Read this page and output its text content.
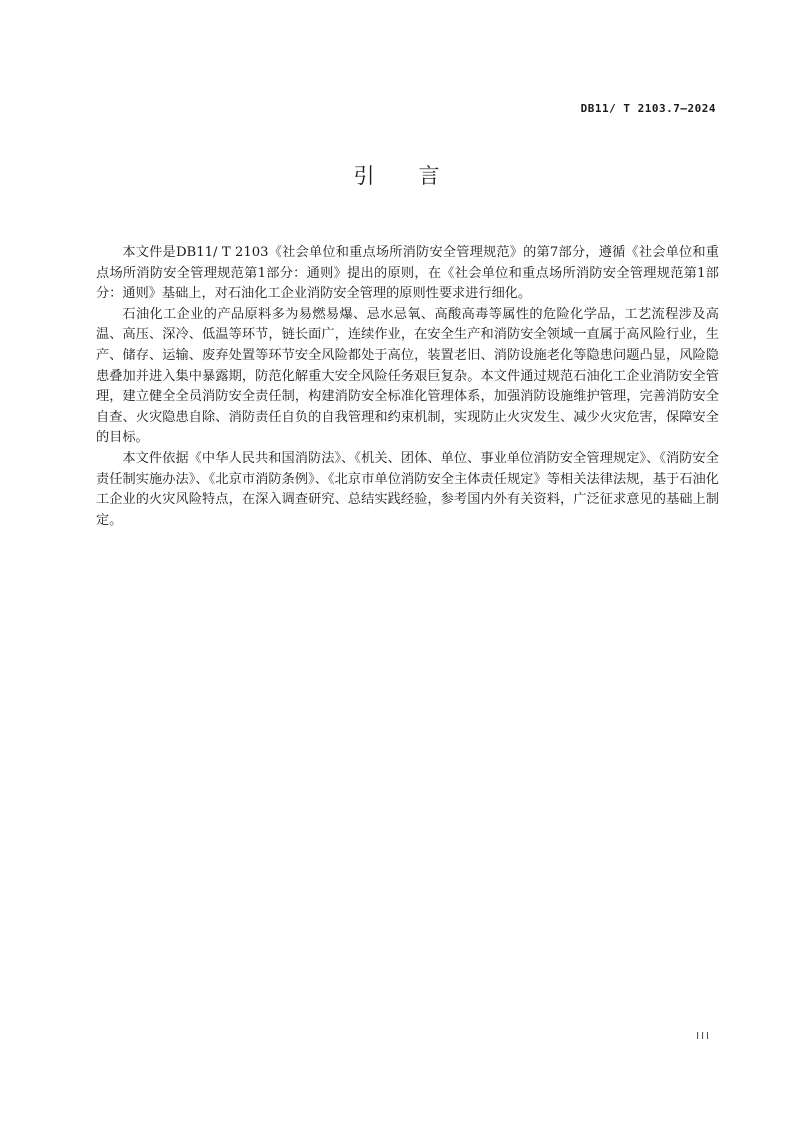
DB11/ T 2103.7—2024
引言

本文件是DB11/ T 2103《社会单位和重点场所消防安全管理规范》的第7部分，遵循《社会单位和重点场所消防安全管理规范第1部分：通则》提出的原则，在《社会单位和重点场所消防安全管理规范第1部分：通则》基础上，对石油化工企业消防安全管理的原则性要求进行细化。

石油化工企业的产品原料多为易燃易爆、忌水忌氧、高酸高毒等属性的危险化学品，工艺流程涉及高温、高压、深冷、低温等环节，链长面广，连续作业，在安全生产和消防安全领域一直属于高风险行业，生产、储存、运输、废弃处置等环节安全风险都处于高位，装置老旧、消防设施老化等隐患问题凸显，风险隐患叠加并进入集中暴露期，防范化解重大安全风险任务艰巨复杂。本文件通过规范石油化工企业消防安全管理，建立健全全员消防安全责任制，构建消防安全标准化管理体系，加强消防设施维护管理，完善消防安全自查、火灾隐患自除、消防责任自负的自我管理和约束机制，实现防止火灾发生、减少火灾危害，保障安全的目标。

本文件依据《中华人民共和国消防法》、《机关、团体、单位、事业单位消防安全管理规定》、《消防安全责任制实施办法》、《北京市消防条例》、《北京市单位消防安全主体责任规定》等相关法律法规，基于石油化工企业的火灾风险特点，在深入调查研究、总结实践经验，参考国内外有关资料，广泛征求意见的基础上制定。

III
